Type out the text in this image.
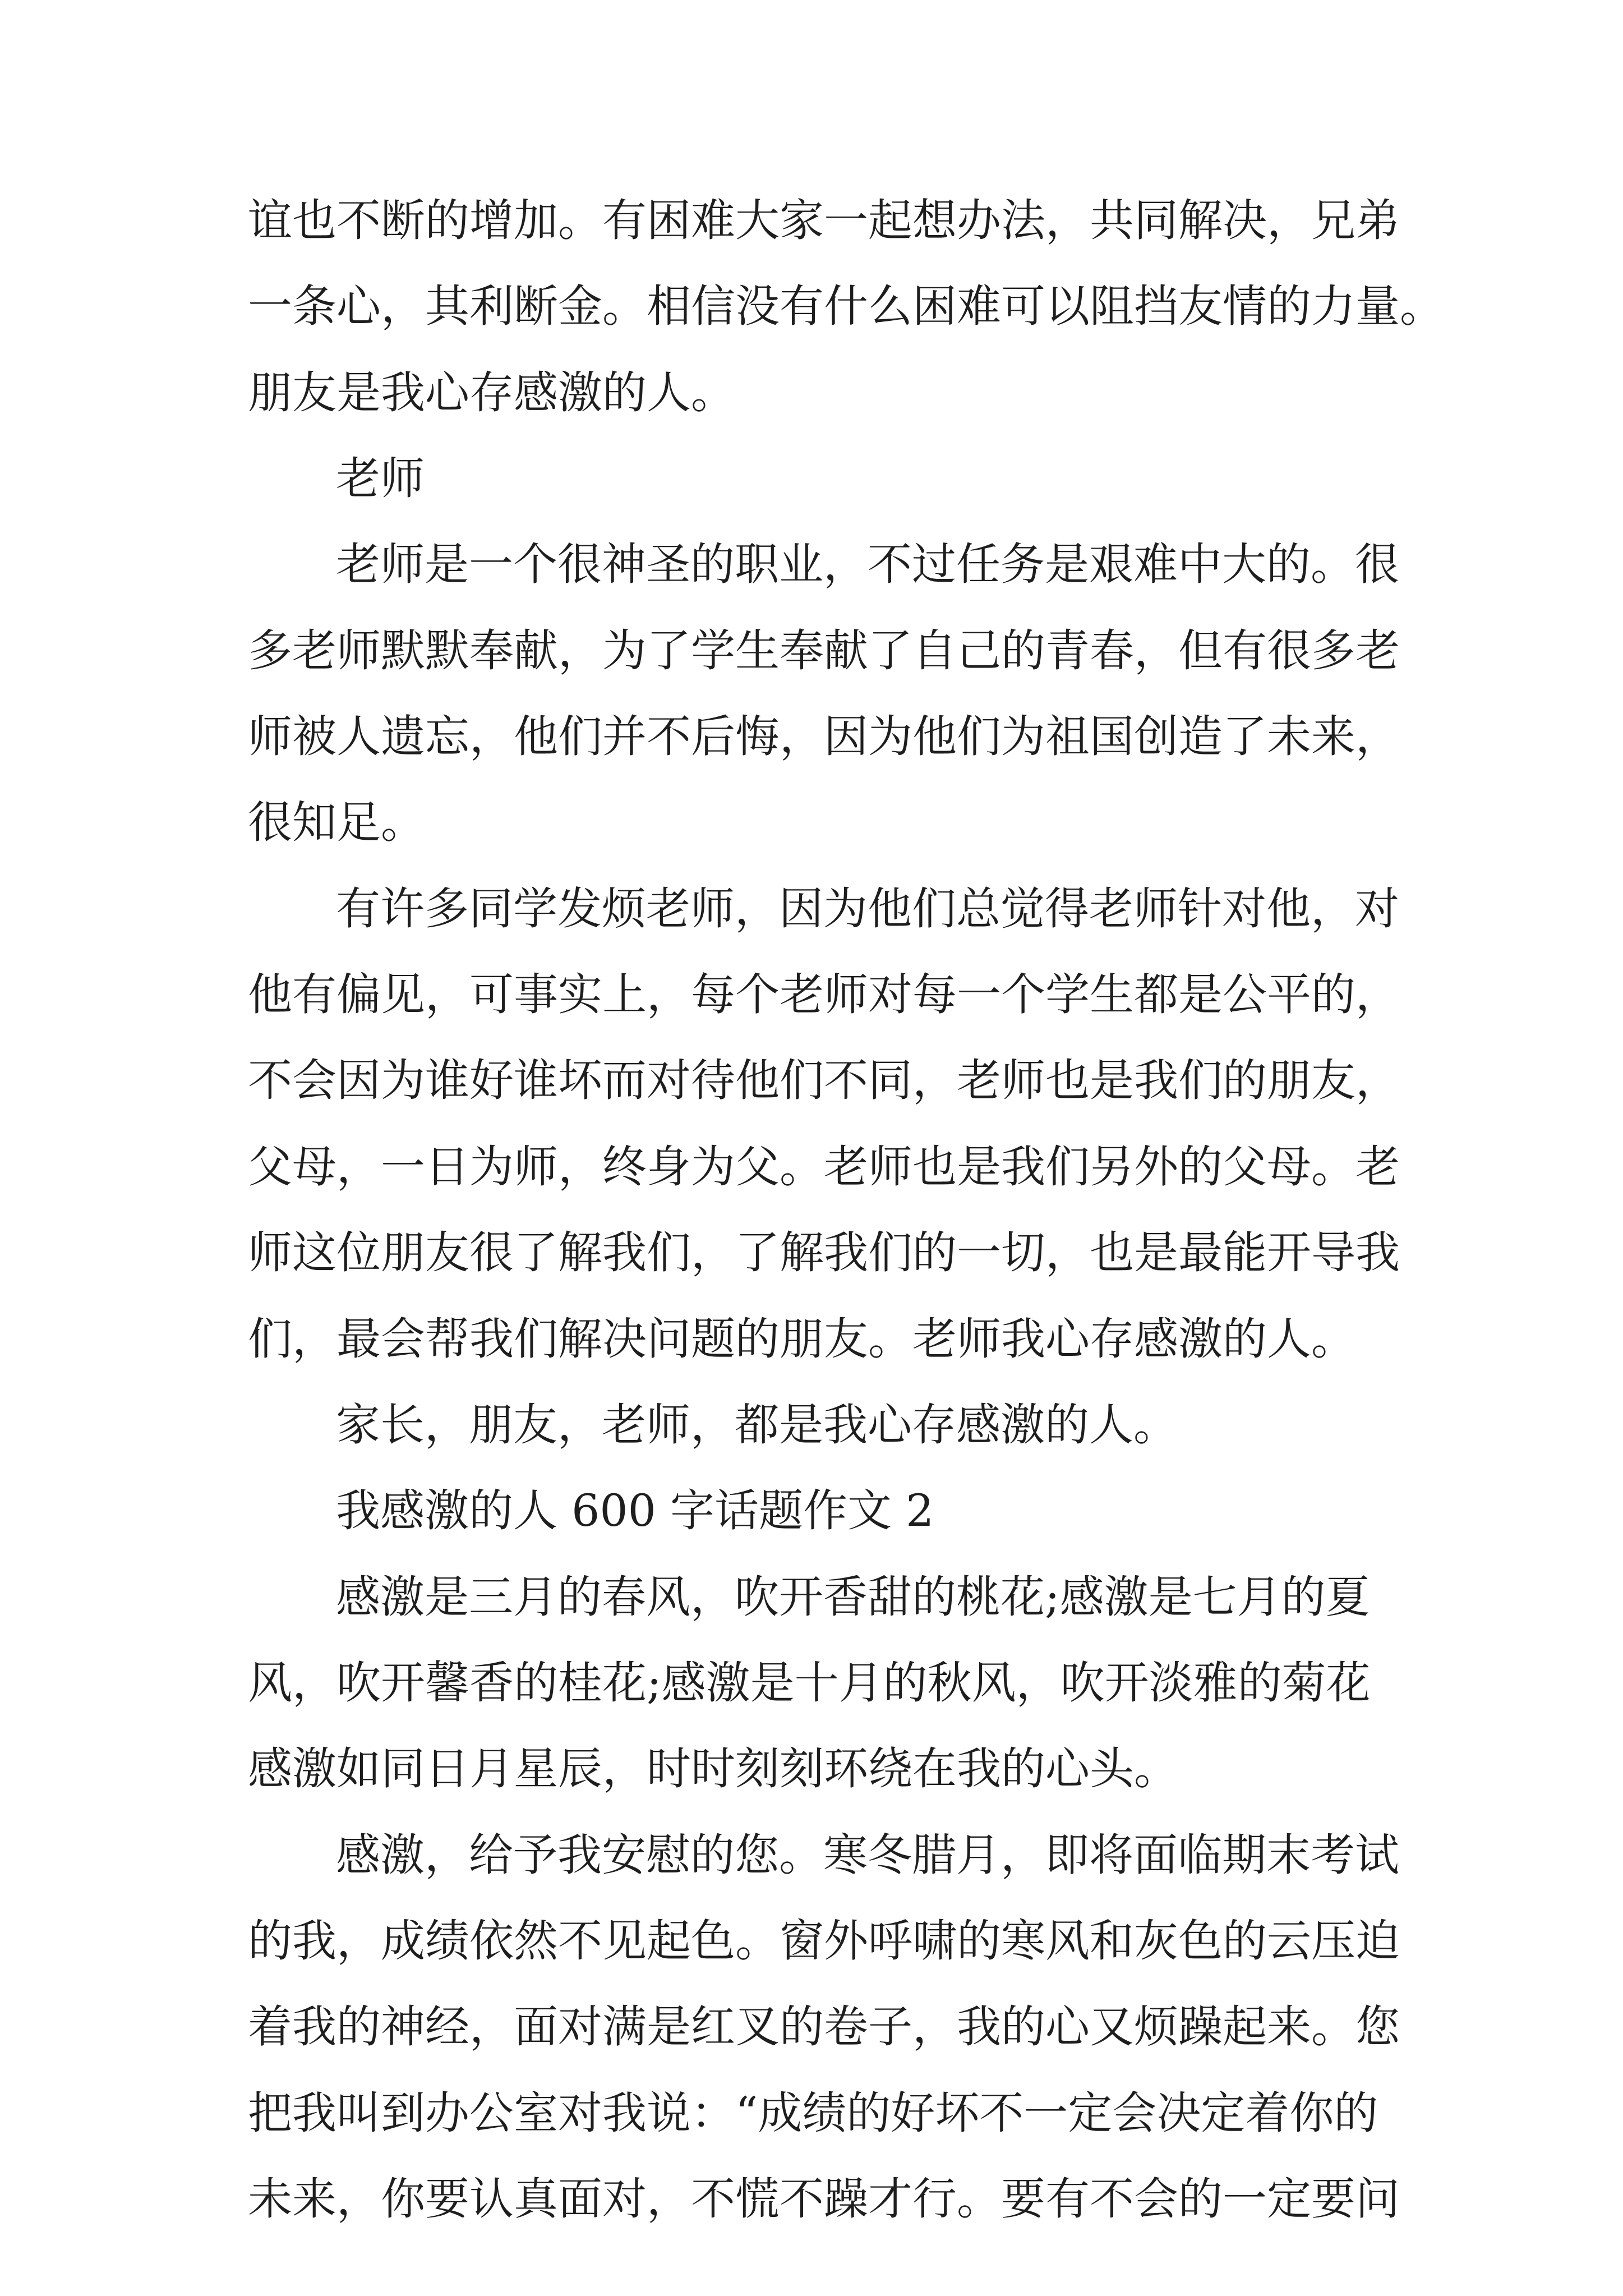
谊也不断的增加。有困难大家一起想办法，共同解决，兄弟

一条心，其利断金。相信没有什么困难可以阻挡友情的力量。

朋友是我心存感激的人。

老师

老师是一个很神圣的职业，不过任务是艰难中大的。很

多老师默默奉献，为了学生奉献了自己的青春，但有很多老

师被人遗忘，他们并不后悔，因为他们为祖国创造了未来，

很知足。

有许多同学发烦老师，因为他们总觉得老师针对他，对

他有偏见，可事实上，每个老师对每一个学生都是公平的，

不会因为谁好谁坏而对待他们不同，老师也是我们的朋友，

父母，一日为师，终身为父。老师也是我们另外的父母。老

师这位朋友很了解我们，了解我们的一切，也是最能开导我

们，最会帮我们解决问题的朋友。老师我心存感激的人。

家长，朋友，老师，都是我心存感激的人。

我感激的人 600 字话题作文 2

感激是三月的春风，吹开香甜的桃花;感激是七月的夏

风，吹开馨香的桂花;感激是十月的秋风，吹开淡雅的菊花

感激如同日月星辰，时时刻刻环绕在我的心头。

感激，给予我安慰的您。寒冬腊月，即将面临期末考试

的我，成绩依然不见起色。窗外呼啸的寒风和灰色的云压迫

着我的神经，面对满是红叉的卷子，我的心又烦躁起来。您

把我叫到办公室对我说：“成绩的好坏不一定会决定着你的

未来，你要认真面对，不慌不躁才行。要有不会的一定要问
